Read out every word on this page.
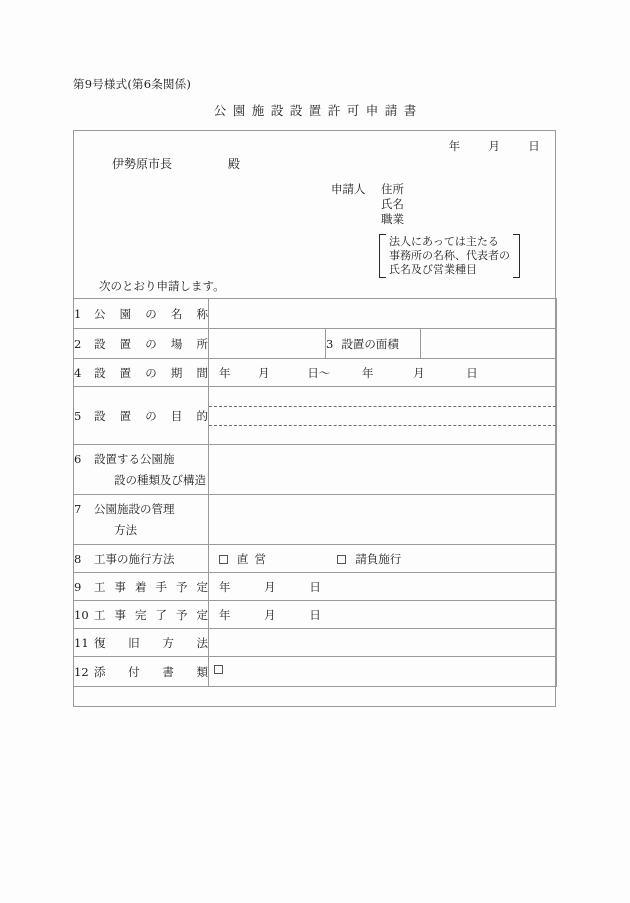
第9号様式(第6条関係)
公園施設設置許可申請書
年 月 日
伊勢原市長	殿
申請人	住所
氏名
職業
法人にあっては主たる
事務所の名称、代表者の
氏名及び営業種目
次のとおり申請します。
1	公 園 の 名 称

2	設 置 の 場 所		3 設置の面積	

4	設 置 の 期 間	年 月	日〜	年	月	日

5	設 置 の 目 的

6 設置する公園施
設の種類及び構造			

7 公園施設の管理
方法			

8 工事の施行方法	直営 請負施行		

9	工 事 着 手 予 定	年	月	日

10 工 事 完 了 予 定	年	月	日

11 復 旧 方 法			

12 添 付 書 類			
